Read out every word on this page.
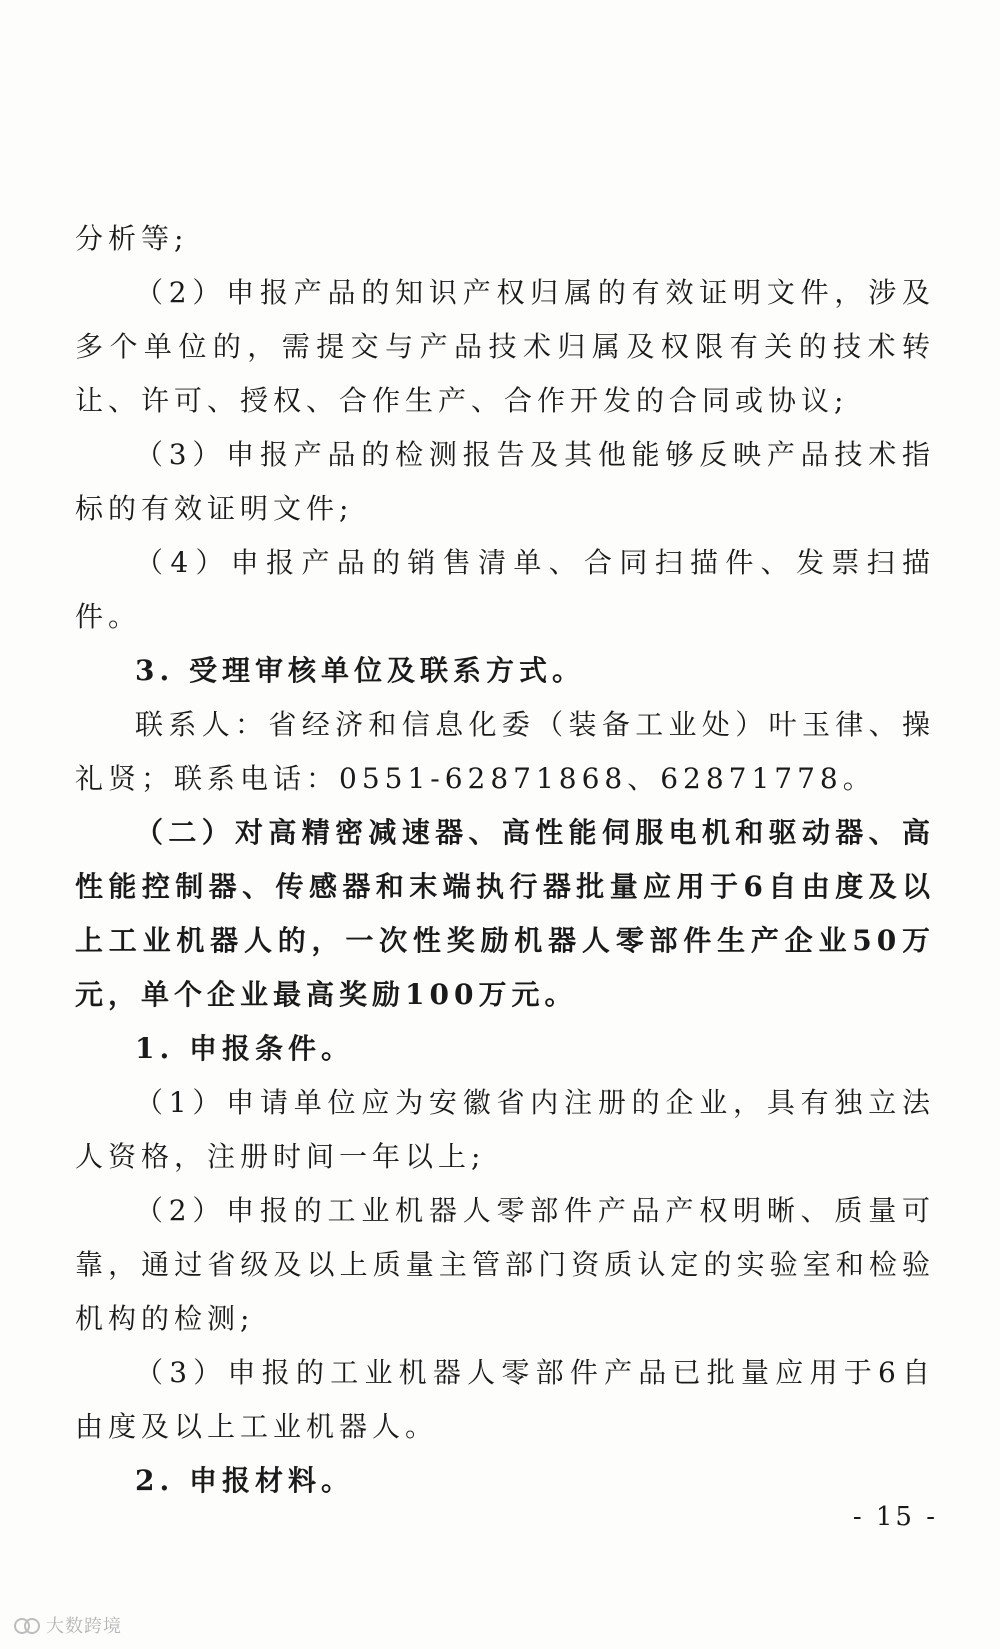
分析等;

（2）申报产品的知识产权归属的有效证明文件，涉及多个单位的，需提交与产品技术归属及权限有关的技术转让、许可、授权、合作生产、合作开发的合同或协议;

（3）申报产品的检测报告及其他能够反映产品技术指标的有效证明文件;

（4）申报产品的销售清单、合同扫描件、发票扫描件。

3. 受理审核单位及联系方式。

联系人：省经济和信息化委（装备工业处）叶玉律、操礼贤；联系电话：0551-62871868、62871778。

（二）对高精密减速器、高性能伺服电机和驱动器、高性能控制器、传感器和末端执行器批量应用于6自由度及以上工业机器人的，一次性奖励机器人零部件生产企业50万元，单个企业最高奖励100万元。

1. 申报条件。

（1）申请单位应为安徽省内注册的企业，具有独立法人资格，注册时间一年以上;

（2）申报的工业机器人零部件产品产权明晰、质量可靠，通过省级及以上质量主管部门资质认定的实验室和检验机构的检测;

（3）申报的工业机器人零部件产品已批量应用于6自由度及以上工业机器人。

2. 申报材料。

- 15 -
大数跨境
